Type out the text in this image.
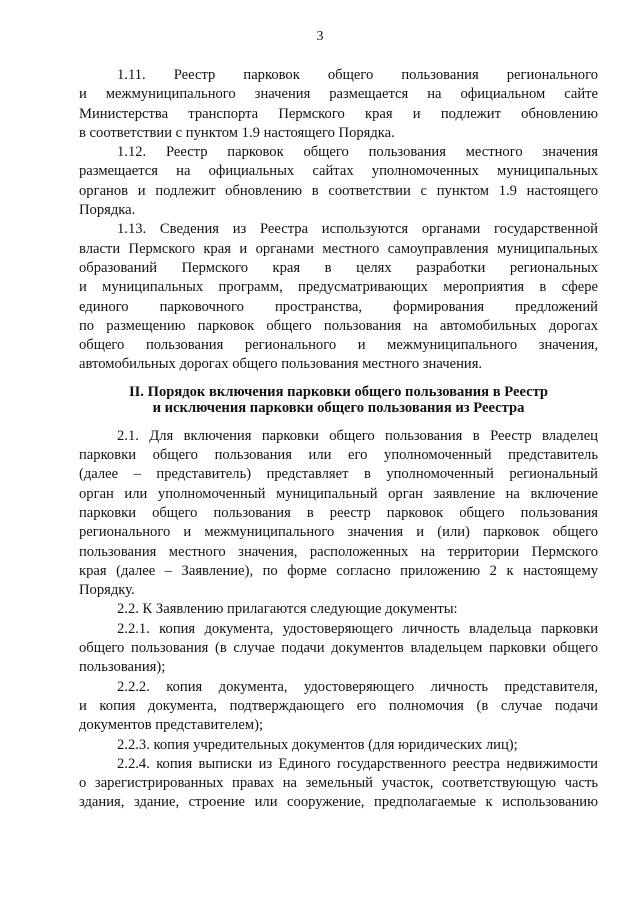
3
1.11. Реестр парковок общего пользования регионального
и межмуниципального значения размещается на официальном сайте
Министерства транспорта Пермского края и подлежит обновлению
в соответствии с пунктом 1.9 настоящего Порядка.
1.12. Реестр парковок общего пользования местного значения
размещается на официальных сайтах уполномоченных муниципальных
органов и подлежит обновлению в соответствии с пунктом 1.9 настоящего
Порядка.
1.13. Сведения из Реестра используются органами государственной
власти Пермского края и органами местного самоуправления муниципальных
образований Пермского края в целях разработки региональных
и муниципальных программ, предусматривающих мероприятия в сфере
единого парковочного пространства, формирования предложений
по размещению парковок общего пользования на автомобильных дорогах
общего пользования регионального и межмуниципального значения,
автомобильных дорогах общего пользования местного значения.
II. Порядок включения парковки общего пользования в Реестр
и исключения парковки общего пользования из Реестра
2.1. Для включения парковки общего пользования в Реестр владелец
парковки общего пользования или его уполномоченный представитель
(далее – представитель) представляет в уполномоченный региональный
орган или уполномоченный муниципальный орган заявление на включение
парковки общего пользования в реестр парковок общего пользования
регионального и межмуниципального значения и (или) парковок общего
пользования местного значения, расположенных на территории Пермского
края (далее – Заявление), по форме согласно приложению 2 к настоящему
Порядку.
2.2. К Заявлению прилагаются следующие документы:
2.2.1. копия документа, удостоверяющего личность владельца парковки
общего пользования (в случае подачи документов владельцем парковки общего
пользования);
2.2.2. копия документа, удостоверяющего личность представителя,
и копия документа, подтверждающего его полномочия (в случае подачи
документов представителем);
2.2.3. копия учредительных документов (для юридических лиц);
2.2.4. копия выписки из Единого государственного реестра недвижимости
о зарегистрированных правах на земельный участок, соответствующую часть
здания, здание, строение или сооружение, предполагаемые к использованию
